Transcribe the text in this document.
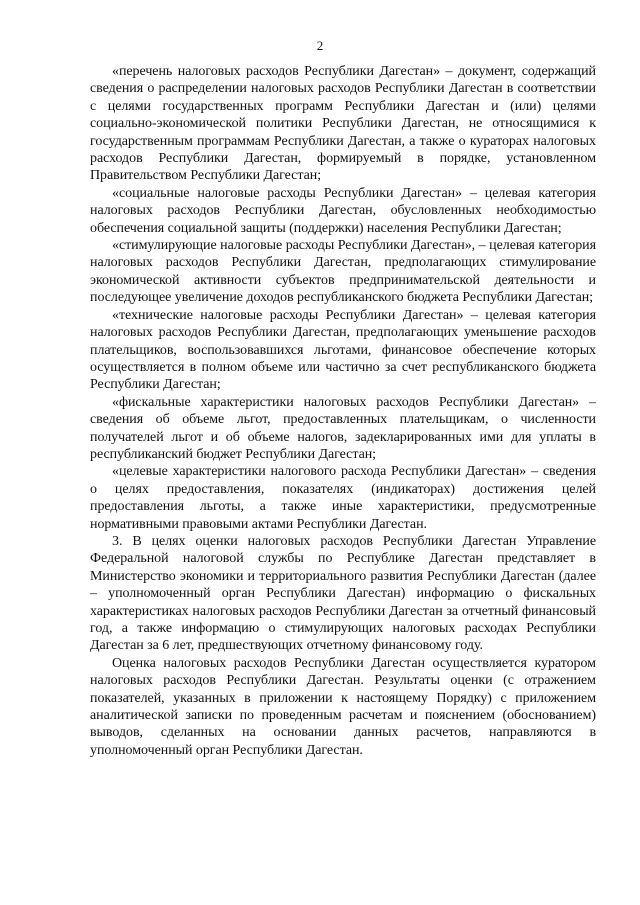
2

«перечень налоговых расходов Республики Дагестан» – документ, содержащий сведения о распределении налоговых расходов Республики Дагестан в соответствии с целями государственных программ Республики Дагестан и (или) целями социально-экономической политики Республики Дагестан, не относящимися к государственным программам Республики Дагестан, а также о кураторах налоговых расходов Республики Дагестан, формируемый в порядке, установленном Правительством Республики Дагестан;

«социальные налоговые расходы Республики Дагестан» – целевая категория налоговых расходов Республики Дагестан, обусловленных необходимостью обеспечения социальной защиты (поддержки) населения Республики Дагестан;

«стимулирующие налоговые расходы Республики Дагестан», – целевая категория налоговых расходов Республики Дагестан, предполагающих стимулирование экономической активности субъектов предпринимательской деятельности и последующее увеличение доходов республиканского бюджета Республики Дагестан;

«технические налоговые расходы Республики Дагестан» – целевая категория налоговых расходов Республики Дагестан, предполагающих уменьшение расходов плательщиков, воспользовавшихся льготами, финансовое обеспечение которых осуществляется в полном объеме или частично за счет республиканского бюджета Республики Дагестан;

«фискальные характеристики налоговых расходов Республики Дагестан» – сведения об объеме льгот, предоставленных плательщикам, о численности получателей льгот и об объеме налогов, задекларированных ими для уплаты в республиканский бюджет Республики Дагестан;

«целевые характеристики налогового расхода Республики Дагестан» – сведения о целях предоставления, показателях (индикаторах) достижения целей предоставления льготы, а также иные характеристики, предусмотренные нормативными правовыми актами Республики Дагестан.

3. В целях оценки налоговых расходов Республики Дагестан Управление Федеральной налоговой службы по Республике Дагестан представляет в Министерство экономики и территориального развития Республики Дагестан (далее – уполномоченный орган Республики Дагестан) информацию о фискальных характеристиках налоговых расходов Республики Дагестан за отчетный финансовый год, а также информацию о стимулирующих налоговых расходах Республики Дагестан за 6 лет, предшествующих отчетному финансовому году.

Оценка налоговых расходов Республики Дагестан осуществляется куратором налоговых расходов Республики Дагестан. Результаты оценки (с отражением показателей, указанных в приложении к настоящему Порядку) с приложением аналитической записки по проведенным расчетам и пояснением (обоснованием) выводов, сделанных на основании данных расчетов, направляются в уполномоченный орган Республики Дагестан.
